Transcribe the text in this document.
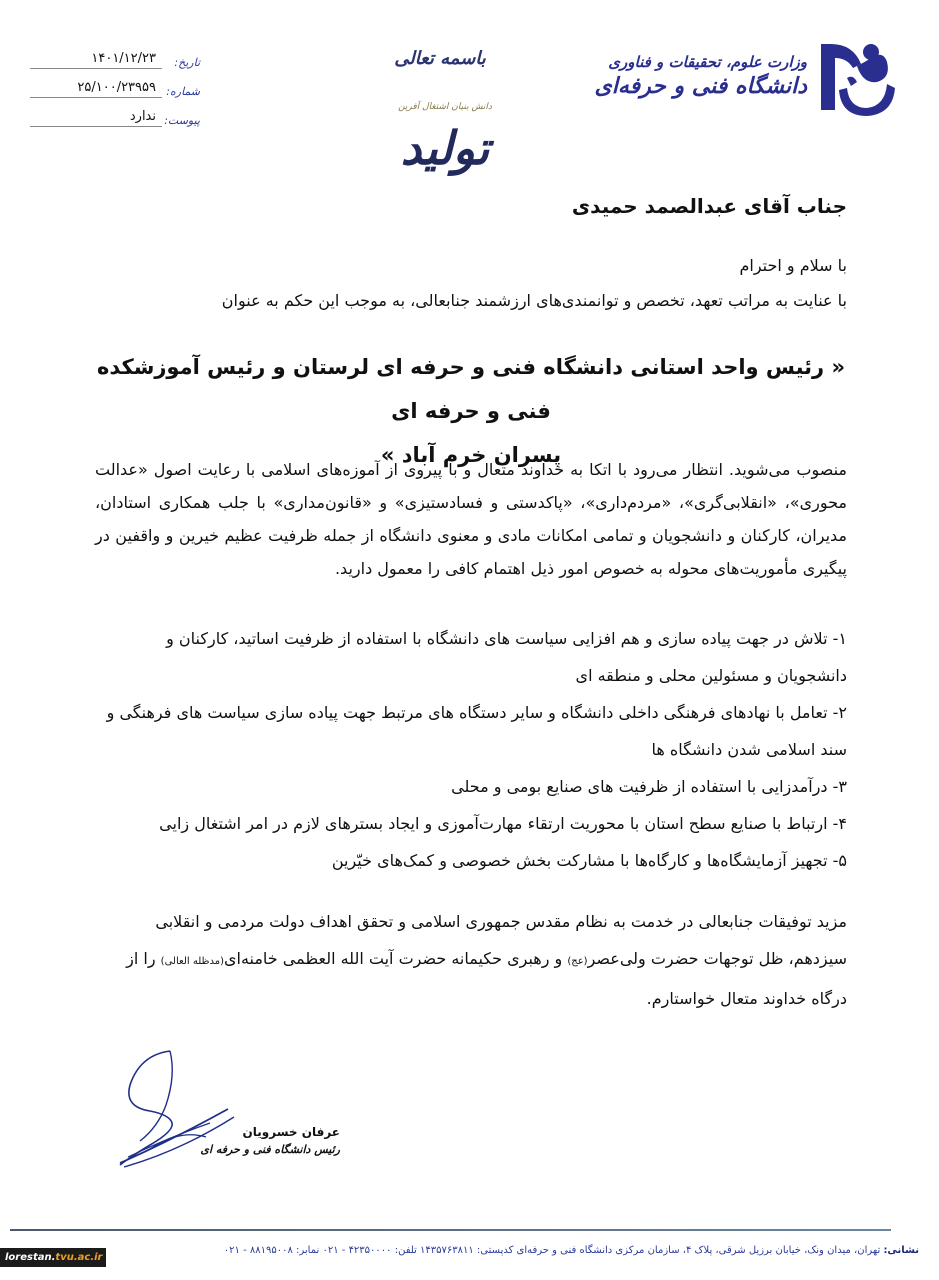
تاریخ:
۱۴۰۱/۱۲/۲۳
شماره:
۲۵/۱۰۰/۲۳۹۵۹
پیوست:
ندارد
باسمه تعالی
دانش بنیان اشتغال آفرین
تولید
وزارت علوم، تحقیقات و فناوری
دانشگاه فنی و حرفه‌ای
جناب آقای عبدالصمد حمیدی
با سلام و احترام
با عنایت به مراتب تعهد، تخصص و توانمندی‌های ارزشمند جنابعالی، به موجب این حکم به عنوان
« رئیس واحد استانی دانشگاه فنی و حرفه ای لرستان و رئیس آموزشکده فنی و حرفه ای
پسران خرم آباد »
منصوب می‌شوید. انتظار می‌رود با اتکا به خداوند متعال و با پیروی از آموزه‌های اسلامی با رعایت اصول «عدالت محوری»، «انقلابی‌گری»، «مردم‌داری»، «پاکدستی و فسادستیزی» و «قانون‌مداری» با جلب همکاری استادان، مدیران، کارکنان و دانشجویان و تمامی امکانات مادی و معنوی دانشگاه از جمله ظرفیت عظیم خیرین و واقفین در پیگیری مأموریت‌های محوله به خصوص امور ذیل اهتمام کافی را معمول دارید.
۱- تلاش در جهت پیاده سازی و هم افزایی سیاست های دانشگاه با استفاده از ظرفیت اساتید، کارکنان و دانشجویان و مسئولین محلی و منطقه ای
۲- تعامل با نهادهای فرهنگی داخلی دانشگاه و سایر دستگاه های مرتبط جهت پیاده سازی سیاست های فرهنگی و سند اسلامی شدن دانشگاه ها
۳- درآمدزایی با استفاده از ظرفیت های صنایع بومی و محلی
۴- ارتباط با صنایع سطح استان با محوریت ارتقاء مهارت‌آموزی و ایجاد بسترهای لازم در امر اشتغال زایی
۵- تجهیز آزمایشگاه‌ها و کارگاه‌ها با مشارکت بخش خصوصی و کمک‌های خیّرین
مزید توفیقات جنابعالی در خدمت به نظام مقدس جمهوری اسلامی و تحقق اهداف دولت مردمی و انقلابی سیزدهم، ظل توجهات حضرت ولی‌عصر(عج) و رهبری حکیمانه حضرت آیت الله العظمی خامنه‌ای(مدظله العالی) را از درگاه خداوند متعال خواستارم.
عرفان خسرویان
رئیس دانشگاه فنی و حرفه ای
نشانی: تهران، میدان ونک، خیابان برزیل شرقی، پلاک ۴، سازمان مرکزی دانشگاه فنی و حرفه‌ای کدپستی: ۱۴۳۵۷۶۳۸۱۱ تلفن: ۴۲۳۵۰۰۰۰ - ۰۲۱ نمابر: ۸۸۱۹۵۰۰۸ - ۰۲۱
lorestan.tvu.ac.ir
